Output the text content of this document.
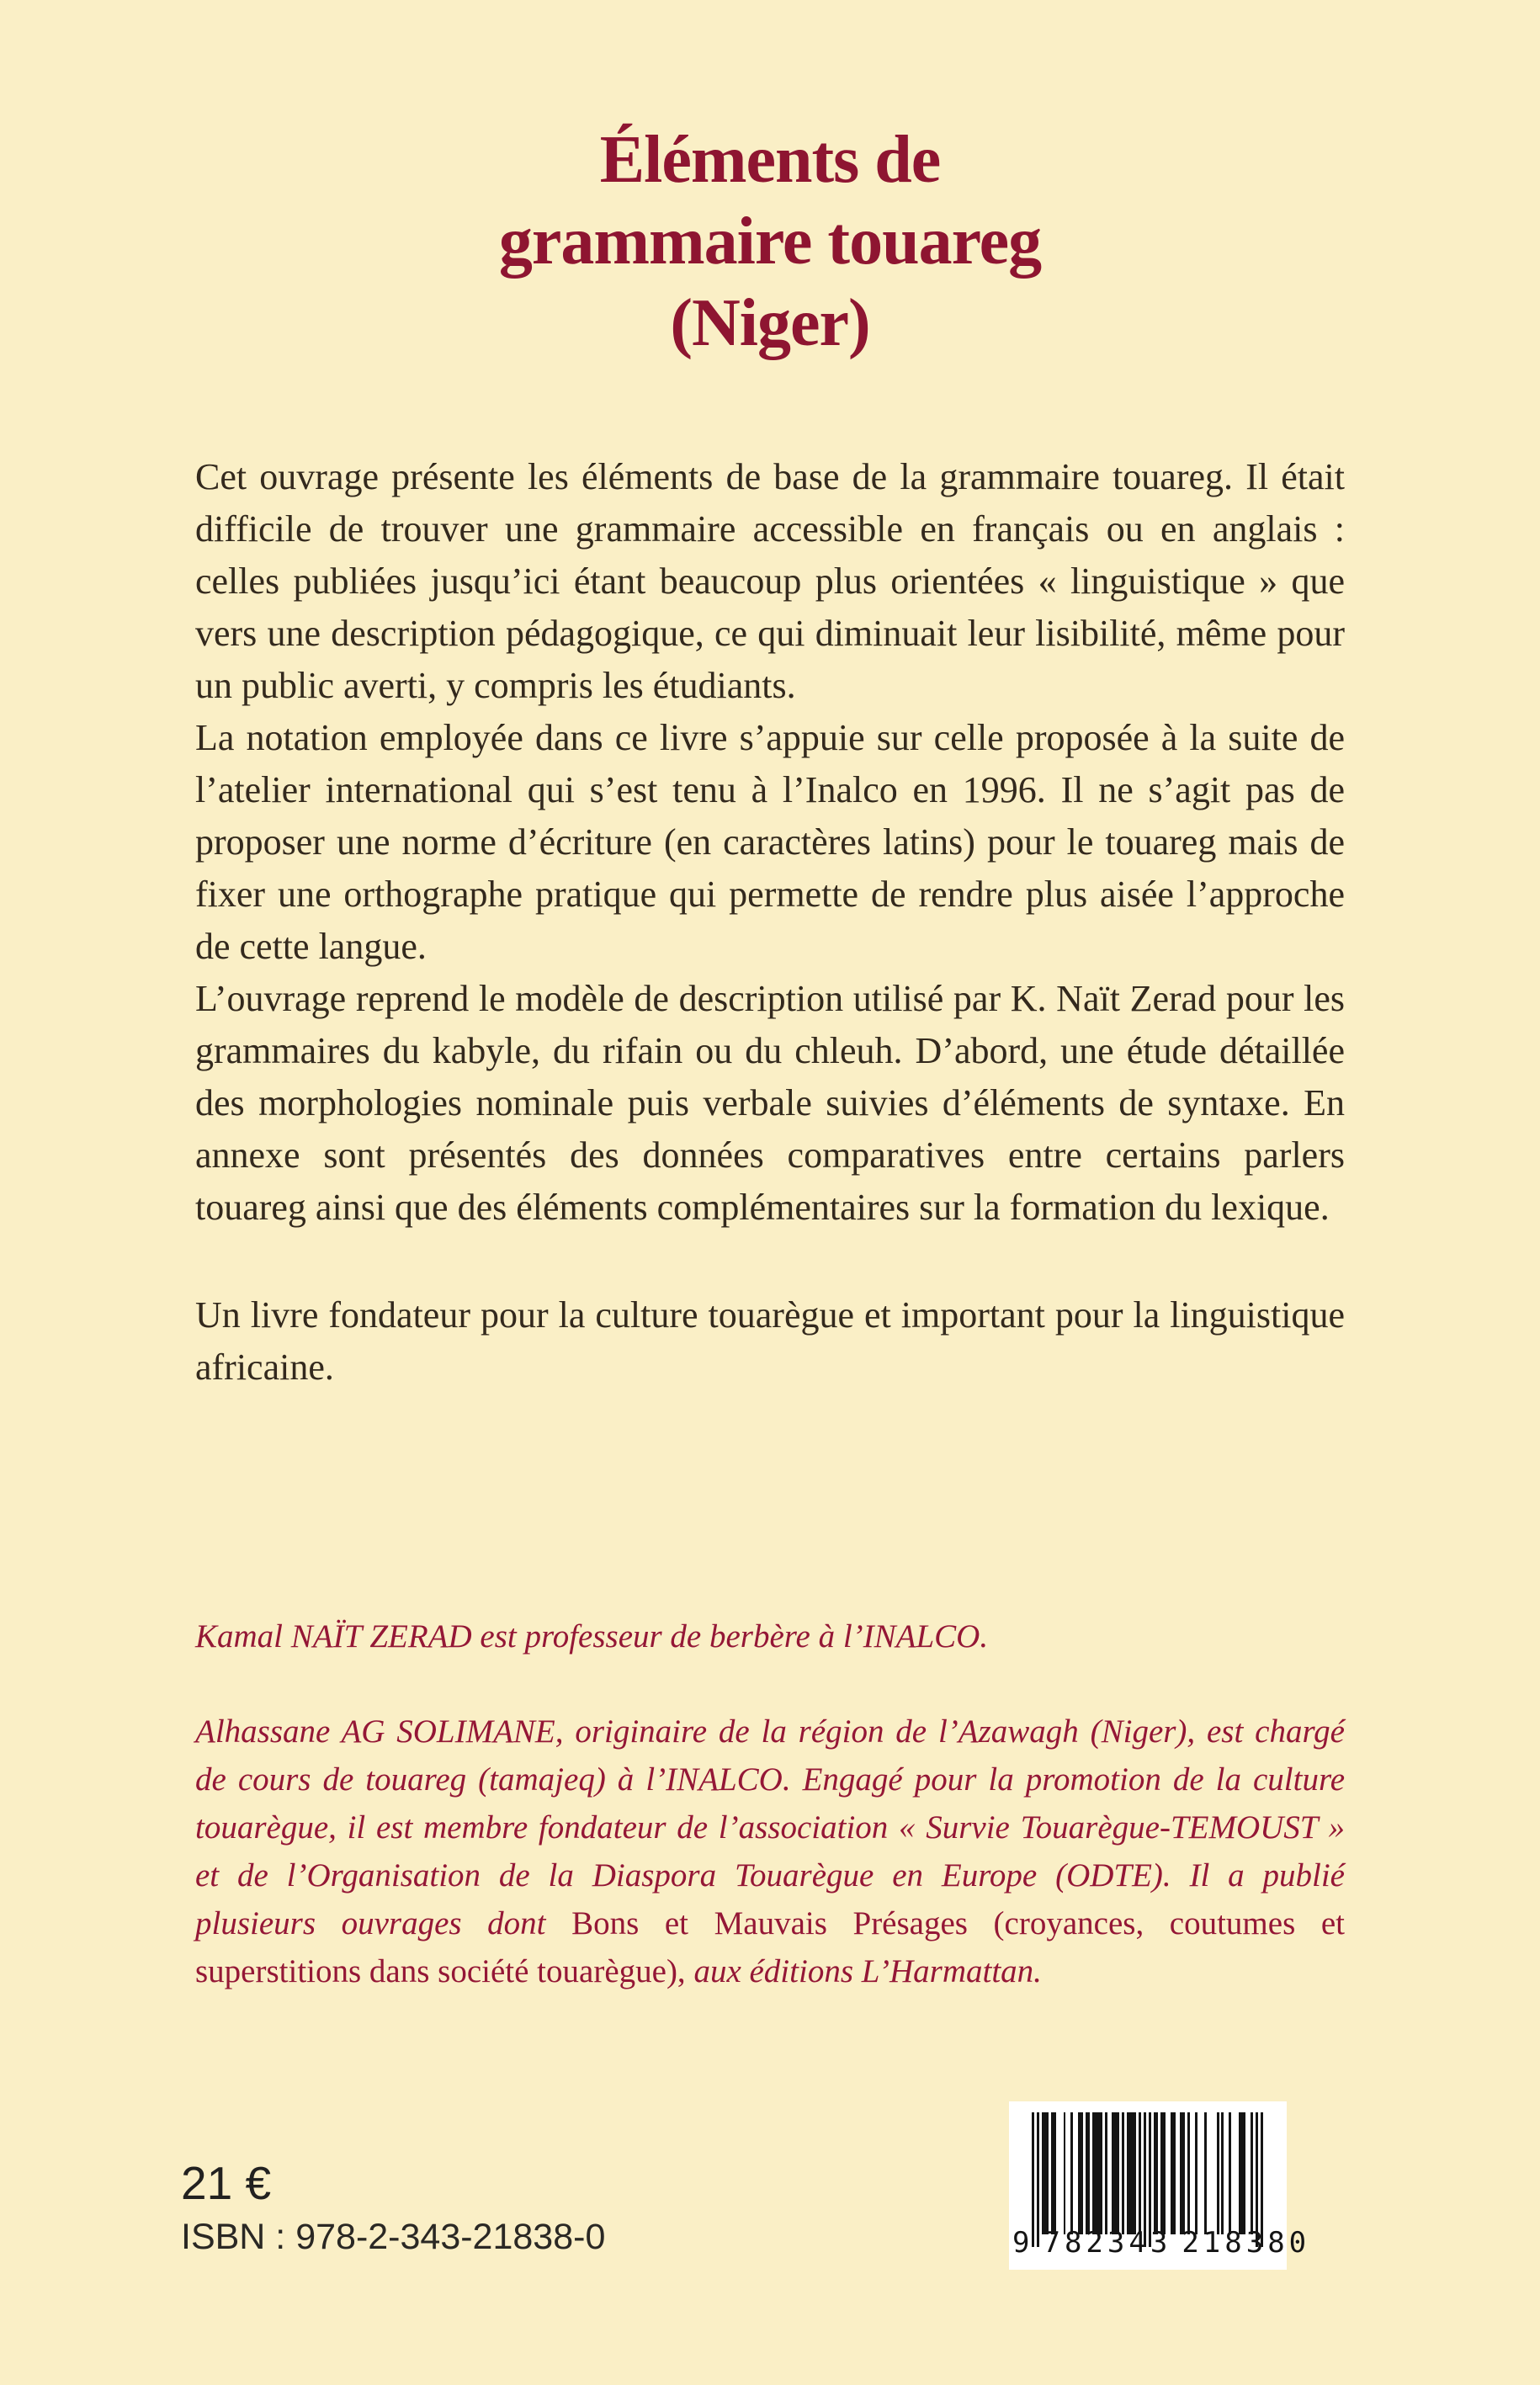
Éléments de
grammaire touareg
(Niger)

Cet ouvrage présente les éléments de base de la grammaire touareg. Il était difficile de trouver une grammaire accessible en français ou en anglais : celles publiées jusqu’ici étant beaucoup plus orientées « linguistique » que vers une description pédagogique, ce qui diminuait leur lisibilité, même pour un public averti, y compris les étudiants.

La notation employée dans ce livre s’appuie sur celle proposée à la suite de l’atelier international qui s’est tenu à l’Inalco en 1996. Il ne s’agit pas de proposer une norme d’écriture (en caractères latins) pour le touareg mais de fixer une orthographe pratique qui permette de rendre plus aisée l’approche de cette langue.

L’ouvrage reprend le modèle de description utilisé par K. Naït Zerad pour les grammaires du kabyle, du rifain ou du chleuh. D’abord, une étude détaillée des morphologies nominale puis verbale suivies d’éléments de syntaxe. En annexe sont présentés des données comparatives entre certains parlers touareg ainsi que des éléments complémentaires sur la formation du lexique.

Un livre fondateur pour la culture touarègue et important pour la linguistique africaine.

Kamal NAÏT ZERAD est professeur de berbère à l’INALCO.

Alhassane AG SOLIMANE, originaire de la région de l’Azawagh (Niger), est chargé de cours de touareg (tamajeq) à l’INALCO. Engagé pour la promotion de la culture touarègue, il est membre fondateur de l’association « Survie Touarègue-TEMOUST » et de l’Organisation de la Diaspora Touarègue en Europe (ODTE). Il a publié plusieurs ouvrages dont Bons et Mauvais Présages (croyances, coutumes et superstitions dans société touarègue), aux éditions L’Harmattan.

21 €
ISBN : 978-2-343-21838-0	9 782343 218380
